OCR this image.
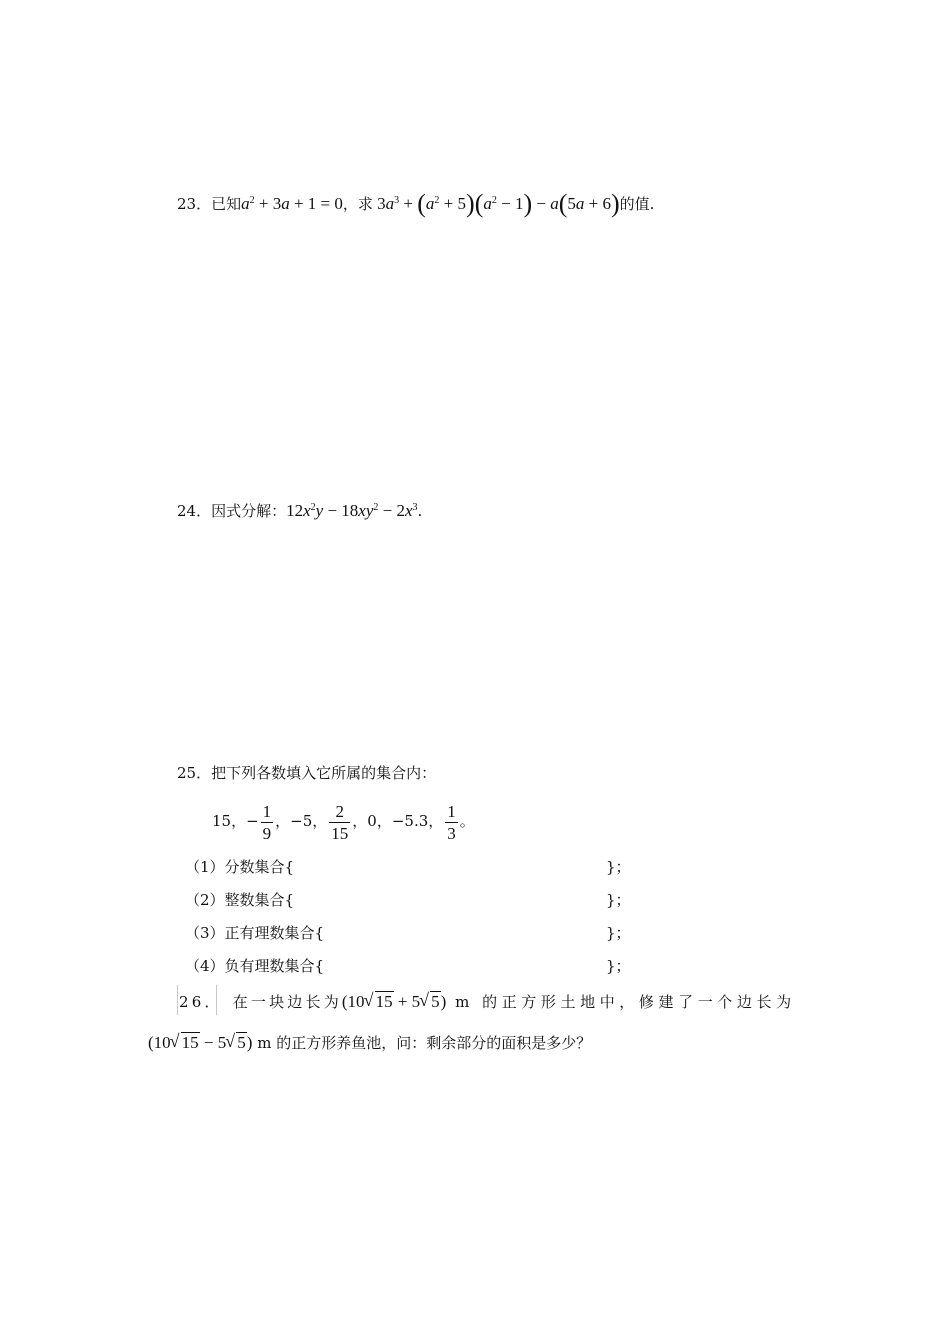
23．已知$a^2 + 3a + 1 = 0$，求 $3a^3 + (a^2 + 5)(a^2 - 1) - a(5a + 6)$的值.
24．因式分解：$12x^2y - 18xy^2 - 2x^3$.
25．把下列各数填入它所属的集合内：
15，− $\frac{1}{9}$ ，−5， $\frac{2}{15}$ ，0，−5.3， $\frac{1}{3}$ 。
（1）分数集合{	}；
（2）整数集合{	}；
（3）正有理数集合{	}；
（4）负有理数集合{	}；
26． 在一块边长为(10 √ 15 + 5 √ 5) m 的正方形土地中，修建了一个边长为
(10 √ 15 − 5 √ 5) m 的正方形养鱼池，问：剩余部分的面积是多少？
